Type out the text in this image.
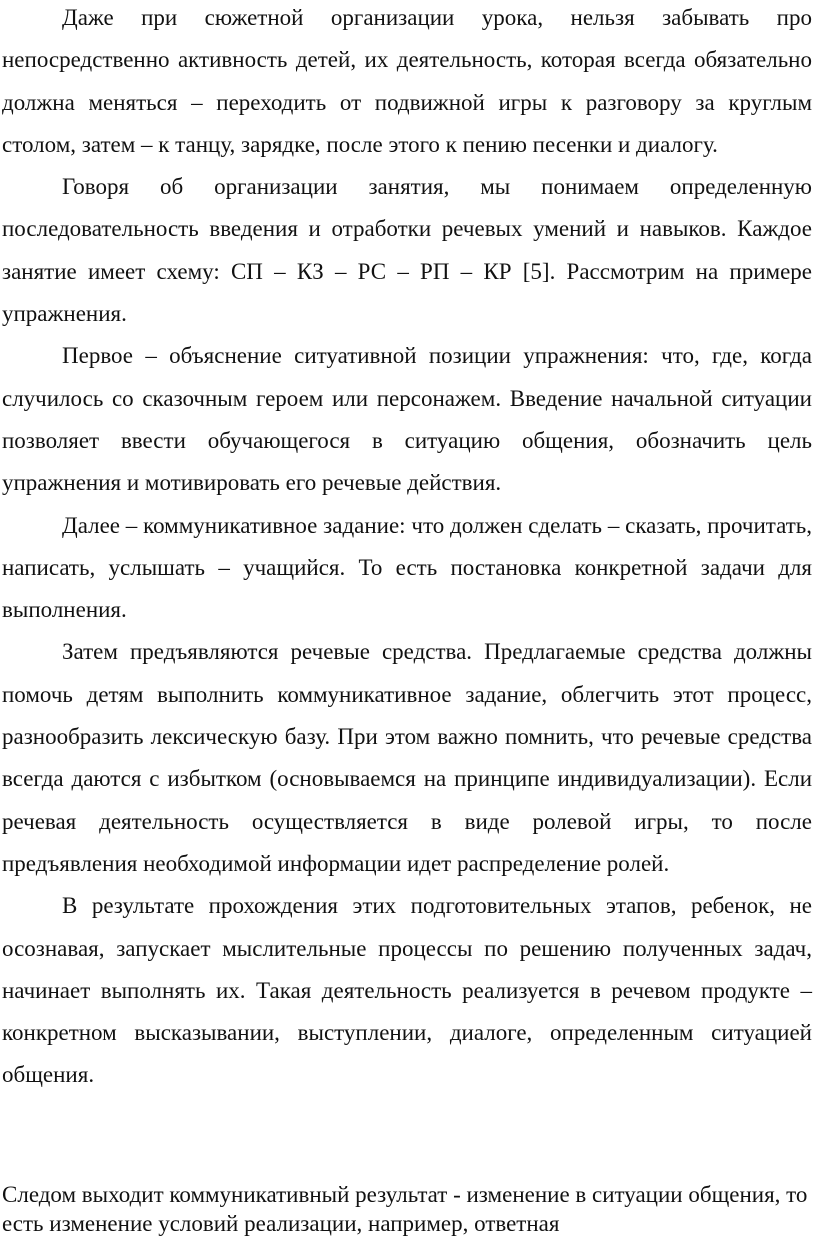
Даже при сюжетной организации урока, нельзя забывать про непосредственно активность детей, их деятельность, которая всегда обязательно должна меняться – переходить от подвижной игры к разговору за круглым столом, затем – к танцу, зарядке, после этого к пению песенки и диалогу.

Говоря об организации занятия, мы понимаем определенную последовательность введения и отработки речевых умений и навыков. Каждое занятие имеет схему: СП – КЗ – РС – РП – КР [5]. Рассмотрим на примере упражнения.

Первое – объяснение ситуативной позиции упражнения: что, где, когда случилось со сказочным героем или персонажем. Введение начальной ситуации позволяет ввести обучающегося в ситуацию общения, обозначить цель упражнения и мотивировать его речевые действия.

Далее – коммуникативное задание: что должен сделать – сказать, прочитать, написать, услышать – учащийся. То есть постановка конкретной задачи для выполнения.

Затем предъявляются речевые средства. Предлагаемые средства должны помочь детям выполнить коммуникативное задание, облегчить этот процесс, разнообразить лексическую базу. При этом важно помнить, что речевые средства всегда даются с избытком (основываемся на принципе индивидуализации). Если речевая деятельность осуществляется в виде ролевой игры, то после предъявления необходимой информации идет распределение ролей.

В результате прохождения этих подготовительных этапов, ребенок, не осознавая, запускает мыслительные процессы по решению полученных задач, начинает выполнять их. Такая деятельность реализуется в речевом продукте – конкретном высказывании, выступлении, диалоге, определенным ситуацией общения.

Следом выходит коммуникативный результат - изменение в ситуации общения, то есть изменение условий реализации, например, ответная
